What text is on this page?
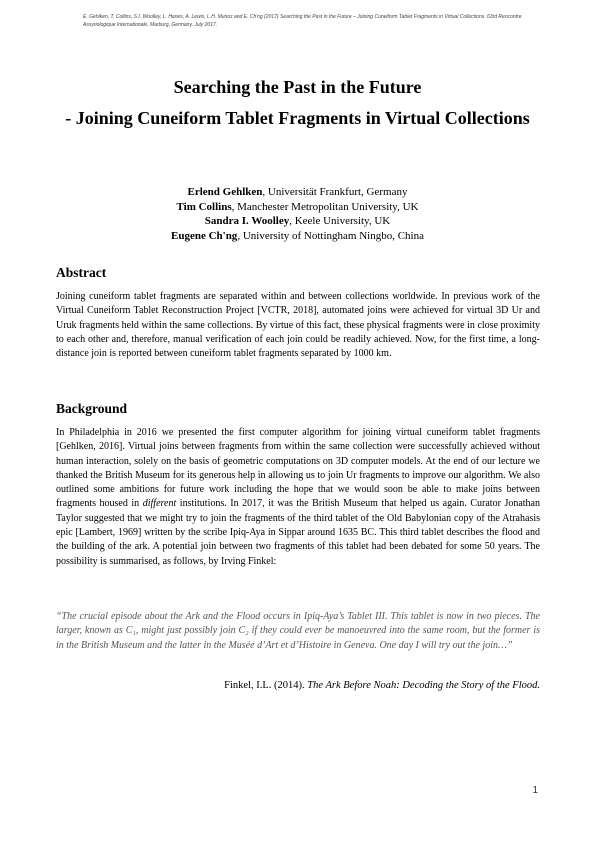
E. Gehlken, T. Collins, S.I. Woolley, L. Hanes, A. Lewis, L.H. Munoz and E. Ch'ng (2017) Searching the Past in the Future – Joining Cuneiform Tablet Fragments in Virtual Collections. 63rd Rencontre Assyriologique Internationale, Marburg, Germany, July 2017.
Searching the Past in the Future
- Joining Cuneiform Tablet Fragments in Virtual Collections
Erlend Gehlken, Universität Frankfurt, Germany
Tim Collins, Manchester Metropolitan University, UK
Sandra I. Woolley, Keele University, UK
Eugene Ch'ng, University of Nottingham Ningbo, China
Abstract
Joining cuneiform tablet fragments are separated within and between collections worldwide. In previous work of the Virtual Cuneiform Tablet Reconstruction Project [VCTR, 2018], automated joins were achieved for virtual 3D Ur and Uruk fragments held within the same collections. By virtue of this fact, these physical fragments were in close proximity to each other and, therefore, manual verification of each join could be readily achieved. Now, for the first time, a long-distance join is reported between cuneiform tablet fragments separated by 1000 km.
Background
In Philadelphia in 2016 we presented the first computer algorithm for joining virtual cuneiform tablet fragments [Gehlken, 2016]. Virtual joins between fragments from within the same collection were successfully achieved without human interaction, solely on the basis of geometric computations on 3D computer models. At the end of our lecture we thanked the British Museum for its generous help in allowing us to join Ur fragments to improve our algorithm. We also outlined some ambitions for future work including the hope that we would soon be able to make joins between fragments housed in different institutions. In 2017, it was the British Museum that helped us again. Curator Jonathan Taylor suggested that we might try to join the fragments of the third tablet of the Old Babylonian copy of the Atrahasis epic [Lambert, 1969] written by the scribe Ipiq-Aya in Sippar around 1635 BC. This third tablet describes the flood and the building of the ark. A potential join between two fragments of this tablet had been debated for some 50 years. The possibility is summarised, as follows, by Irving Finkel:
“The crucial episode about the Ark and the Flood occurs in Ipiq-Aya’s Tablet III. This tablet is now in two pieces. The larger, known as C₁, might just possibly join C₂ if they could ever be manoeuvred into the same room, but the former is in the British Museum and the latter in the Musée d’Art et d’Histoire in Geneva. One day I will try out the join…”
Finkel, I.L. (2014). The Ark Before Noah: Decoding the Story of the Flood.
1
